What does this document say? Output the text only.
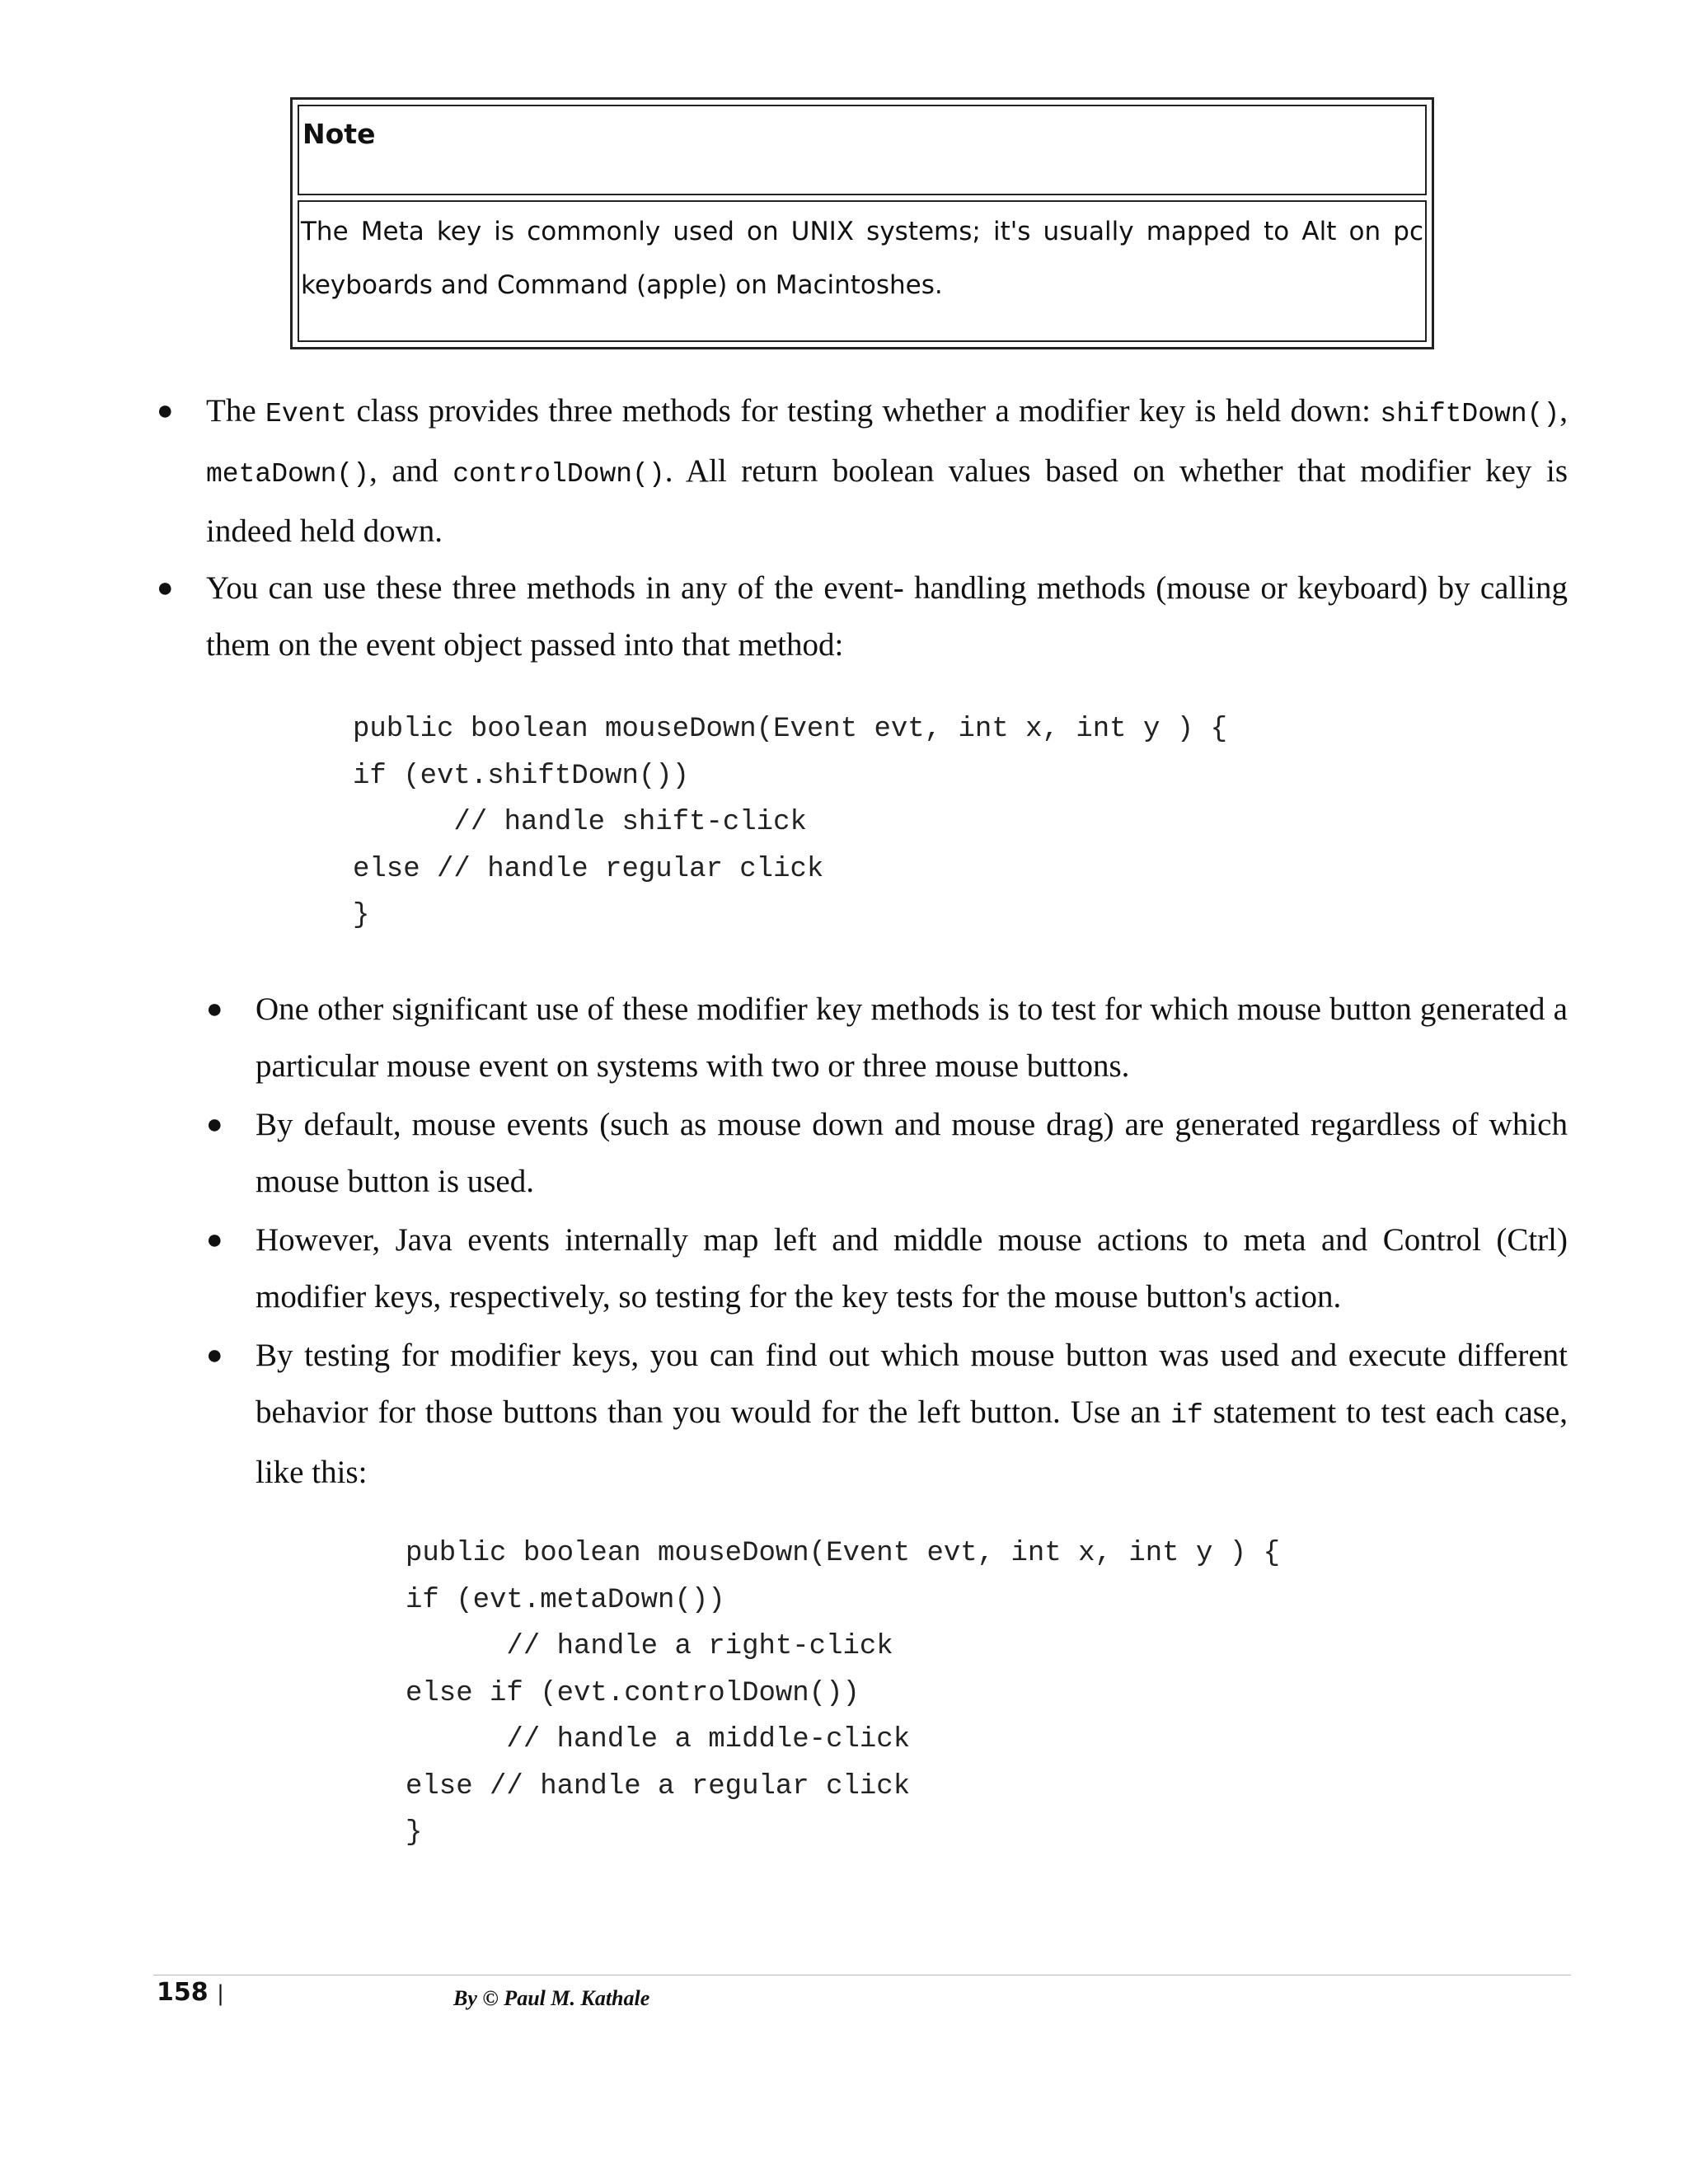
Note
The Meta key is commonly used on UNIX systems; it's usually mapped to Alt on pc keyboards and Command (apple) on Macintoshes.
● The Event class provides three methods for testing whether a modifier key is held down: shiftDown(), metaDown(), and controlDown(). All return boolean values based on whether that modifier key is indeed held down.
● You can use these three methods in any of the event- handling methods (mouse or keyboard) by calling them on the event object passed into that method:
public boolean mouseDown(Event evt, int x, int y ) {
if (evt.shiftDown())
// handle shift-click
else // handle regular click
}
● One other significant use of these modifier key methods is to test for which mouse button generated a particular mouse event on systems with two or three mouse buttons.
● By default, mouse events (such as mouse down and mouse drag) are generated regardless of which mouse button is used.
● However, Java events internally map left and middle mouse actions to meta and Control (Ctrl) modifier keys, respectively, so testing for the key tests for the mouse button's action.
● By testing for modifier keys, you can find out which mouse button was used and execute different behavior for those buttons than you would for the left button. Use an if statement to test each case, like this:
public boolean mouseDown(Event evt, int x, int y ) {
if (evt.metaDown())
// handle a right-click
else if (evt.controlDown())
// handle a middle-click
else // handle a regular click
}
158 |	By © Paul M. Kathale
